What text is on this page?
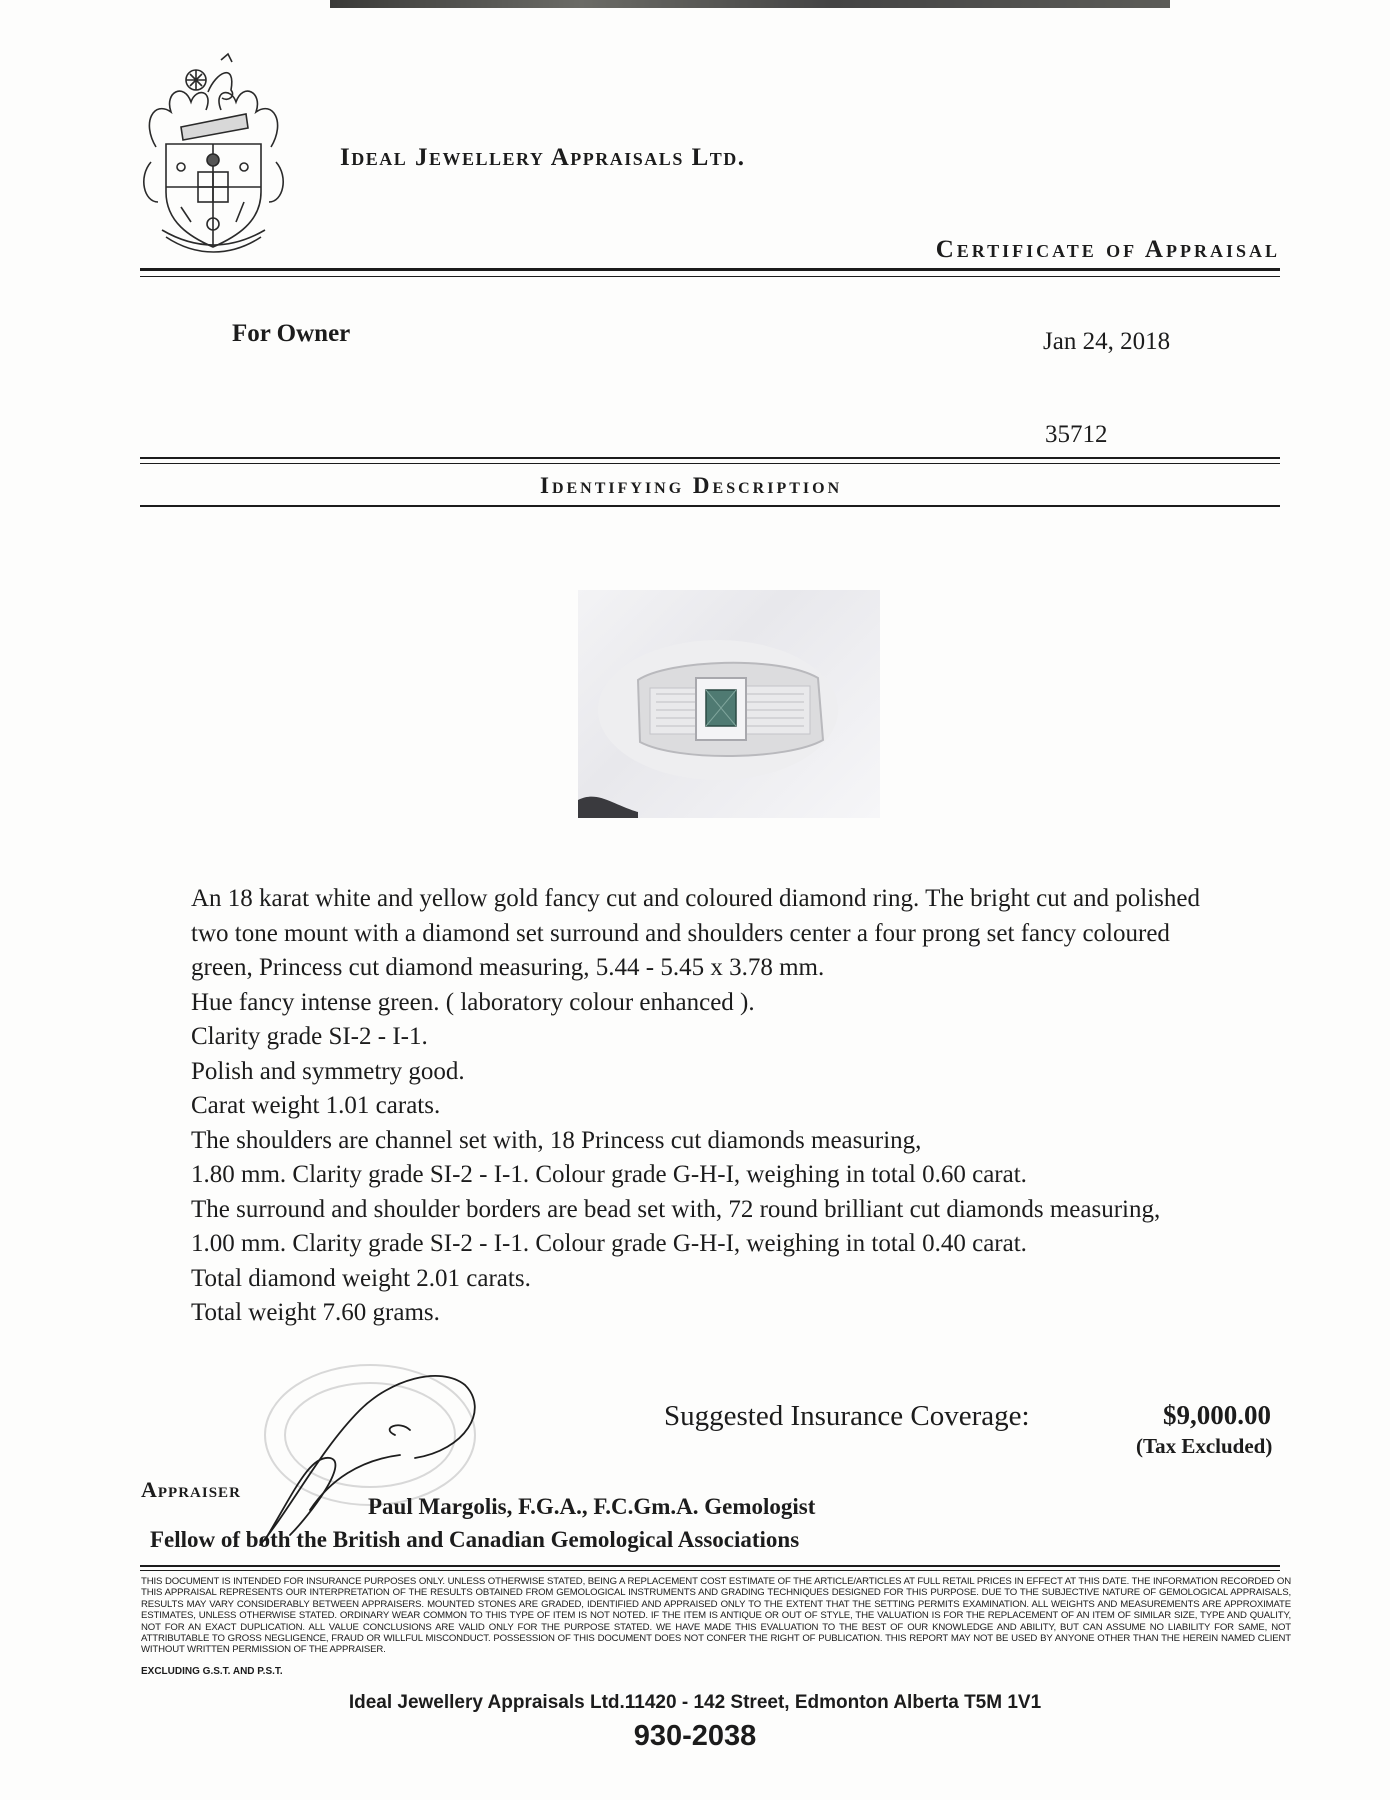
Ideal Jewellery Appraisals Ltd.
Certificate of Appraisal
For Owner	Jan 24, 2018
35712
Identifying Description

An 18 karat white and yellow gold fancy cut and coloured diamond ring. The bright cut and polished

two tone mount with a diamond set surround and shoulders center a four prong set fancy coloured

green, Princess cut diamond measuring, 5.44 - 5.45 x 3.78 mm.

Hue fancy intense green. ( laboratory colour enhanced ).

Clarity grade SI-2 - I-1.

Polish and symmetry good.

Carat weight 1.01 carats.

The shoulders are channel set with, 18 Princess cut diamonds measuring,

1.80 mm. Clarity grade SI-2 - I-1. Colour grade G-H-I, weighing in total 0.60 carat.

The surround and shoulder borders are bead set with, 72 round brilliant cut diamonds measuring,

1.00 mm. Clarity grade SI-2 - I-1. Colour grade G-H-I, weighing in total 0.40 carat.

Total diamond weight 2.01 carats.

Total weight 7.60 grams.

Suggested Insurance Coverage:	$9,000.00
(Tax Excluded)
Appraiser
Paul Margolis, F.G.A., F.C.Gm.A. Gemologist
Fellow of both the British and Canadian Gemological Associations
THIS DOCUMENT IS INTENDED FOR INSURANCE PURPOSES ONLY. UNLESS OTHERWISE STATED, BEING A REPLACEMENT COST ESTIMATE OF THE ARTICLE/ARTICLES AT FULL RETAIL PRICES IN EFFECT AT THIS DATE. THE INFORMATION RECORDED ON THIS APPRAISAL REPRESENTS OUR INTERPRETATION OF THE RESULTS OBTAINED FROM GEMOLOGICAL INSTRUMENTS AND GRADING TECHNIQUES DESIGNED FOR THIS PURPOSE. DUE TO THE SUBJECTIVE NATURE OF GEMOLOGICAL APPRAISALS, RESULTS MAY VARY CONSIDERABLY BETWEEN APPRAISERS. MOUNTED STONES ARE GRADED, IDENTIFIED AND APPRAISED ONLY TO THE EXTENT THAT THE SETTING PERMITS EXAMINATION. ALL WEIGHTS AND MEASUREMENTS ARE APPROXIMATE ESTIMATES, UNLESS OTHERWISE STATED. ORDINARY WEAR COMMON TO THIS TYPE OF ITEM IS NOT NOTED. IF THE ITEM IS ANTIQUE OR OUT OF STYLE, THE VALUATION IS FOR THE REPLACEMENT OF AN ITEM OF SIMILAR SIZE, TYPE AND QUALITY, NOT FOR AN EXACT DUPLICATION. ALL VALUE CONCLUSIONS ARE VALID ONLY FOR THE PURPOSE STATED. WE HAVE MADE THIS EVALUATION TO THE BEST OF OUR KNOWLEDGE AND ABILITY, BUT CAN ASSUME NO LIABILITY FOR SAME, NOT ATTRIBUTABLE TO GROSS NEGLIGENCE, FRAUD OR WILLFUL MISCONDUCT. POSSESSION OF THIS DOCUMENT DOES NOT CONFER THE RIGHT OF PUBLICATION. THIS REPORT MAY NOT BE USED BY ANYONE OTHER THAN THE HEREIN NAMED CLIENT WITHOUT WRITTEN PERMISSION OF THE APPRAISER.
EXCLUDING G.S.T. AND P.S.T.
Ideal Jewellery Appraisals Ltd.11420 - 142 Street, Edmonton Alberta T5M 1V1
930-2038
